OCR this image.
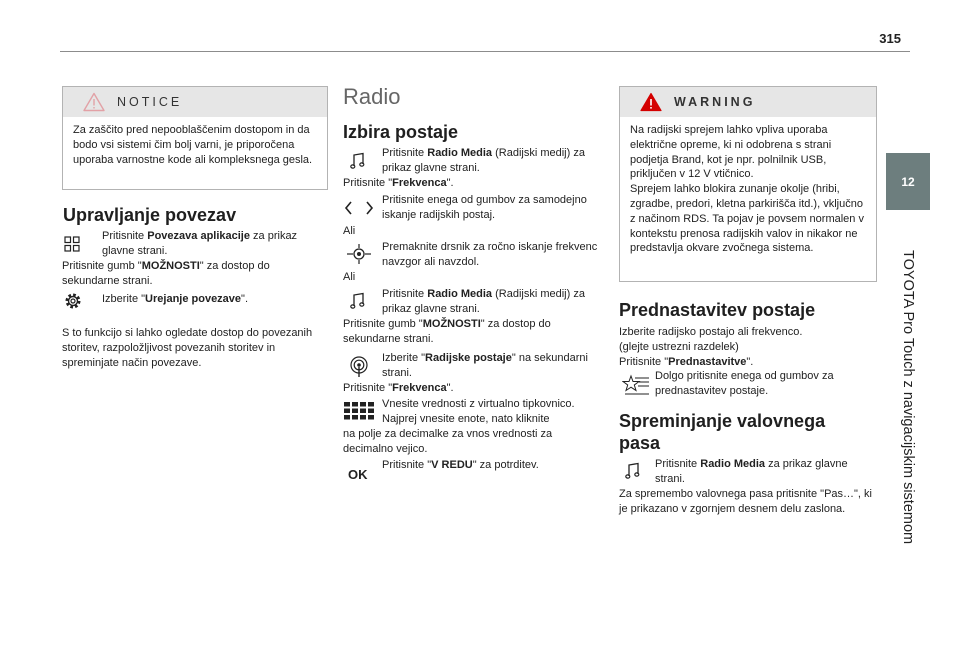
315
12
TOYOTA Pro Touch z navigacijskim sistemom
NOTICE
Za zaščito pred nepooblaščenim dostopom in da bodo vsi sistemi čim bolj varni, je priporočena uporaba varnostne kode ali kompleksnega gesla.
Upravljanje povezav
Pritisnite Povezava aplikacije za prikaz glavne strani.
Pritisnite gumb "MOŽNOSTI" za dostop do sekundarne strani.
Izberite "Urejanje povezave".
S to funkcijo si lahko ogledate dostop do povezanih storitev, razpoložljivost povezanih storitev in spreminjate način povezave.
Radio
Izbira postaje
Pritisnite Radio Media (Radijski medij) za prikaz glavne strani.
Pritisnite "Frekvenca".
Pritisnite enega od gumbov za samodejno iskanje radijskih postaj.
Ali
Premaknite drsnik za ročno iskanje frekvenc navzgor ali navzdol.
Ali
Pritisnite Radio Media (Radijski medij) za prikaz glavne strani.
Pritisnite gumb "MOŽNOSTI" za dostop do sekundarne strani.
Izberite "Radijske postaje" na sekundarni strani.
Pritisnite "Frekvenca".
Vnesite vrednosti z virtualno tipkovnico.
Najprej vnesite enote, nato kliknite
na polje za decimalke za vnos vrednosti za decimalno vejico.
OK
Pritisnite "V REDU" za potrditev.
WARNING
Na radijski sprejem lahko vpliva uporaba električne opreme, ki ni odobrena s strani podjetja Brand, kot je npr. polnilnik USB, priključen v 12 V vtičnico.
Sprejem lahko blokira zunanje okolje (hribi, zgradbe, predori, kletna parkirišča itd.), vključno z načinom RDS. Ta pojav je povsem normalen v kontekstu prenosa radijskih valov in nikakor ne predstavlja okvare zvočnega sistema.
Prednastavitev postaje
Izberite radijsko postajo ali frekvenco.
(glejte ustrezni razdelek)
Pritisnite "Prednastavitve".
Dolgo pritisnite enega od gumbov za prednastavitev postaje.
Spreminjanje valovnega
pasa
Pritisnite Radio Media za prikaz glavne strani.
Za spremembo valovnega pasa pritisnite "Pas…", ki je prikazano v zgornjem desnem delu zaslona.
